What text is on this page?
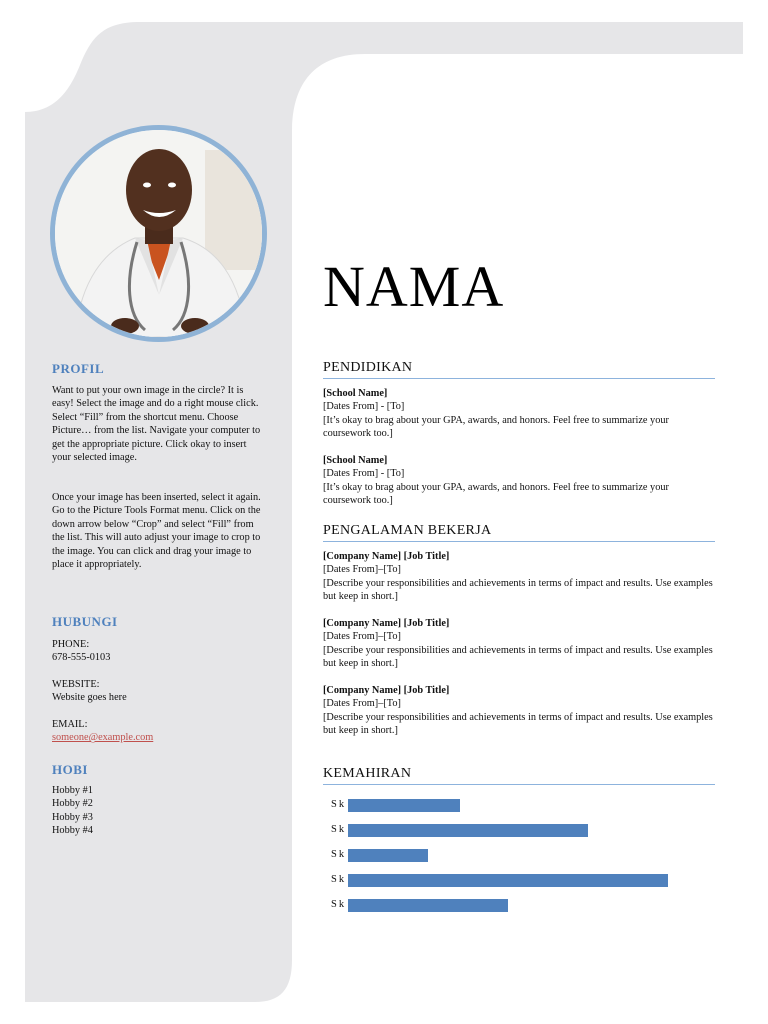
PROFIL
Want to put your own image in the circle? It is easy! Select the image and do a right mouse click. Select “Fill” from the shortcut menu. Choose Picture… from the list. Navigate your computer to get the appropriate picture. Click okay to insert your selected image.
Once your image has been inserted, select it again. Go to the Picture Tools Format menu. Click on the down arrow below “Crop” and select “Fill” from the list. This will auto adjust your image to crop to the image. You can click and drag your image to place it appropriately.
HUBUNGI
PHONE:
678-555-0103
WEBSITE:
Website goes here
EMAIL:
someone@example.com
HOBI
Hobby #1
Hobby #2
Hobby #3
Hobby #4
NAMA
PENDIDIKAN
[School Name]
[Dates From] - [To]
[It’s okay to brag about your GPA, awards, and honors. Feel free to summarize your coursework too.]
[School Name]
[Dates From] - [To]
[It’s okay to brag about your GPA, awards, and honors. Feel free to summarize your coursework too.]
PENGALAMAN BEKERJA
[Company Name] [Job Title]
[Dates From]–[To]
[Describe your responsibilities and achievements in terms of impact and results. Use examples but keep in short.]
[Company Name] [Job Title]
[Dates From]–[To]
[Describe your responsibilities and achievements in terms of impact and results. Use examples but keep in short.]
[Company Name] [Job Title]
[Dates From]–[To]
[Describe your responsibilities and achievements in terms of impact and results. Use examples but keep in short.]
KEMAHIRAN
Sk
Sk
Sk
Sk
Sk
